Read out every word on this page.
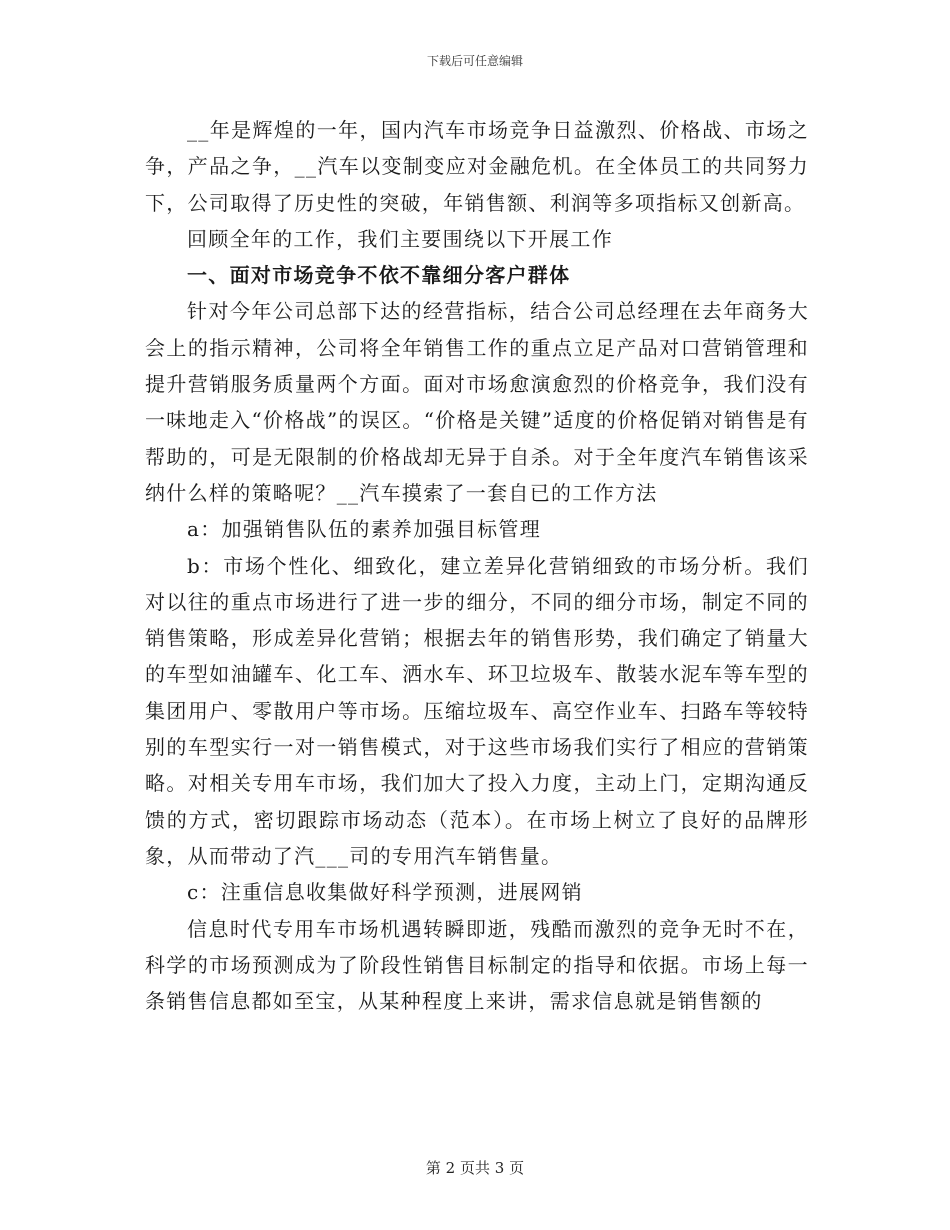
下载后可任意编辑

__年是辉煌的一年，国内汽车市场竞争日益激烈、价格战、市场之争，产品之争，__汽车以变制变应对金融危机。在全体员工的共同努力下，公司取得了历史性的突破，年销售额、利润等多项指标又创新高。

回顾全年的工作，我们主要围绕以下开展工作

一、面对市场竞争不依不靠细分客户群体

针对今年公司总部下达的经营指标，结合公司总经理在去年商务大会上的指示精神，公司将全年销售工作的重点立足产品对口营销管理和提升营销服务质量两个方面。面对市场愈演愈烈的价格竞争，我们没有一味地走入“价格战”的误区。“价格是关键”适度的价格促销对销售是有帮助的，可是无限制的价格战却无异于自杀。对于全年度汽车销售该采纳什么样的策略呢？__汽车摸索了一套自已的工作方法

a：加强销售队伍的素养加强目标管理

b：市场个性化、细致化，建立差异化营销细致的市场分析。我们对以往的重点市场进行了进一步的细分，不同的细分市场，制定不同的销售策略，形成差异化营销；根据去年的销售形势，我们确定了销量大的车型如油罐车、化工车、洒水车、环卫垃圾车、散装水泥车等车型的集团用户、零散用户等市场。压缩垃圾车、高空作业车、扫路车等较特别的车型实行一对一销售模式，对于这些市场我们实行了相应的营销策略。对相关专用车市场，我们加大了投入力度，主动上门，定期沟通反馈的方式，密切跟踪市场动态（范本）。在市场上树立了良好的品牌形象，从而带动了汽___司的专用汽车销售量。

c：注重信息收集做好科学预测，进展网销

信息时代专用车市场机遇转瞬即逝，残酷而激烈的竞争无时不在，科学的市场预测成为了阶段性销售目标制定的指导和依据。市场上每一条销售信息都如至宝，从某种程度上来讲，需求信息就是销售额的

第 2 页共 3 页
